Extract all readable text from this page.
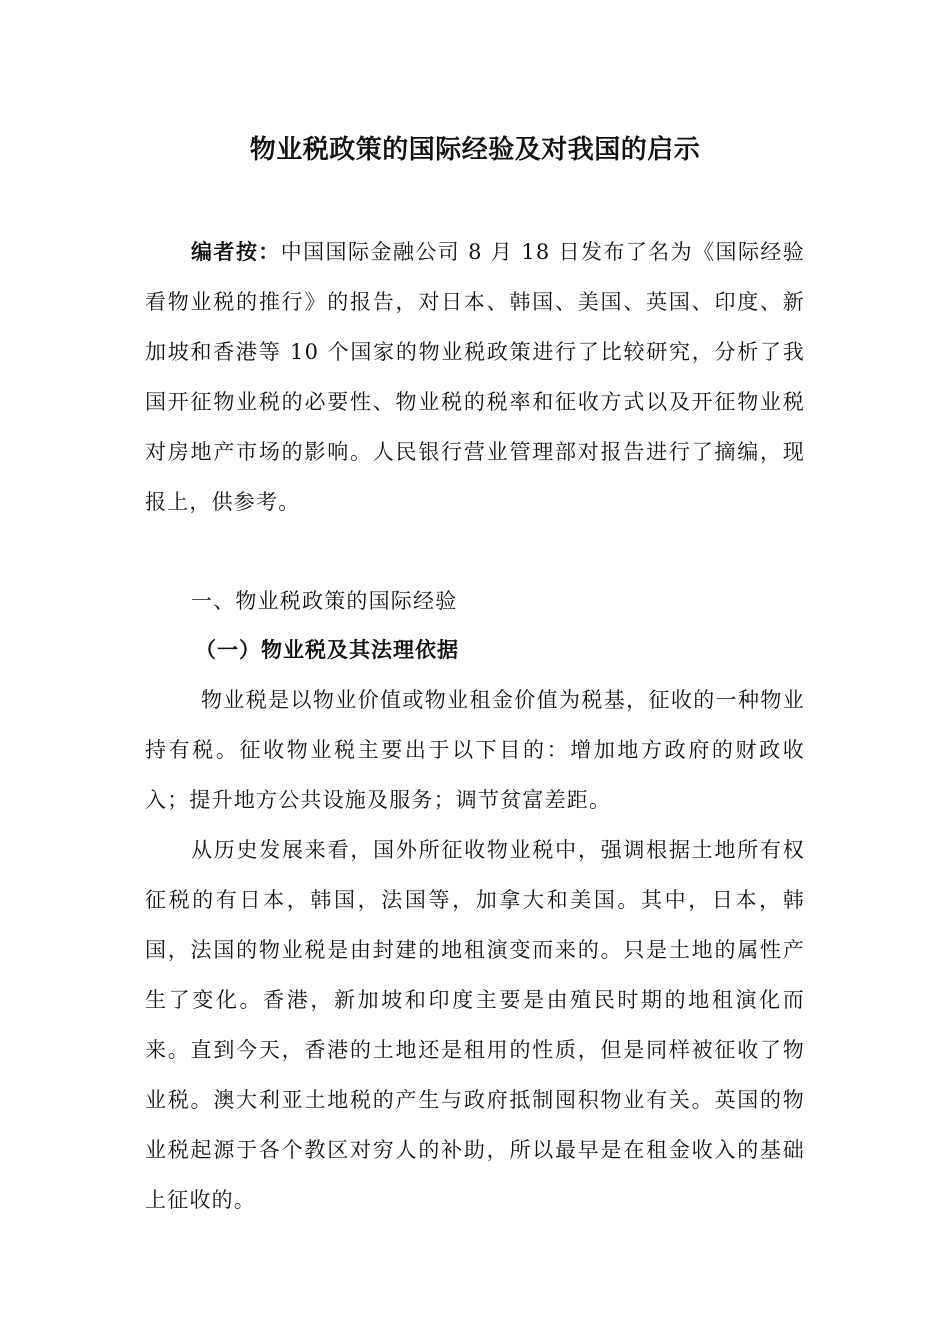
物业税政策的国际经验及对我国的启示

编者按：中国国际金融公司 8 月 18 日发布了名为《国际经验看物业税的推行》的报告，对日本、韩国、美国、英国、印度、新加坡和香港等 10 个国家的物业税政策进行了比较研究，分析了我国开征物业税的必要性、物业税的税率和征收方式以及开征物业税对房地产市场的影响。人民银行营业管理部对报告进行了摘编，现报上，供参考。

一、物业税政策的国际经验
（一）物业税及其法理依据

物业税是以物业价值或物业租金价值为税基，征收的一种物业持有税。征收物业税主要出于以下目的：增加地方政府的财政收入；提升地方公共设施及服务；调节贫富差距。

从历史发展来看，国外所征收物业税中，强调根据土地所有权征税的有日本，韩国，法国等，加拿大和美国。其中，日本，韩国，法国的物业税是由封建的地租演变而来的。只是土地的属性产生了变化。香港，新加坡和印度主要是由殖民时期的地租演化而来。直到今天，香港的土地还是租用的性质，但是同样被征收了物业税。澳大利亚土地税的产生与政府抵制囤积物业有关。英国的物业税起源于各个教区对穷人的补助，所以最早是在租金收入的基础上征收的。
